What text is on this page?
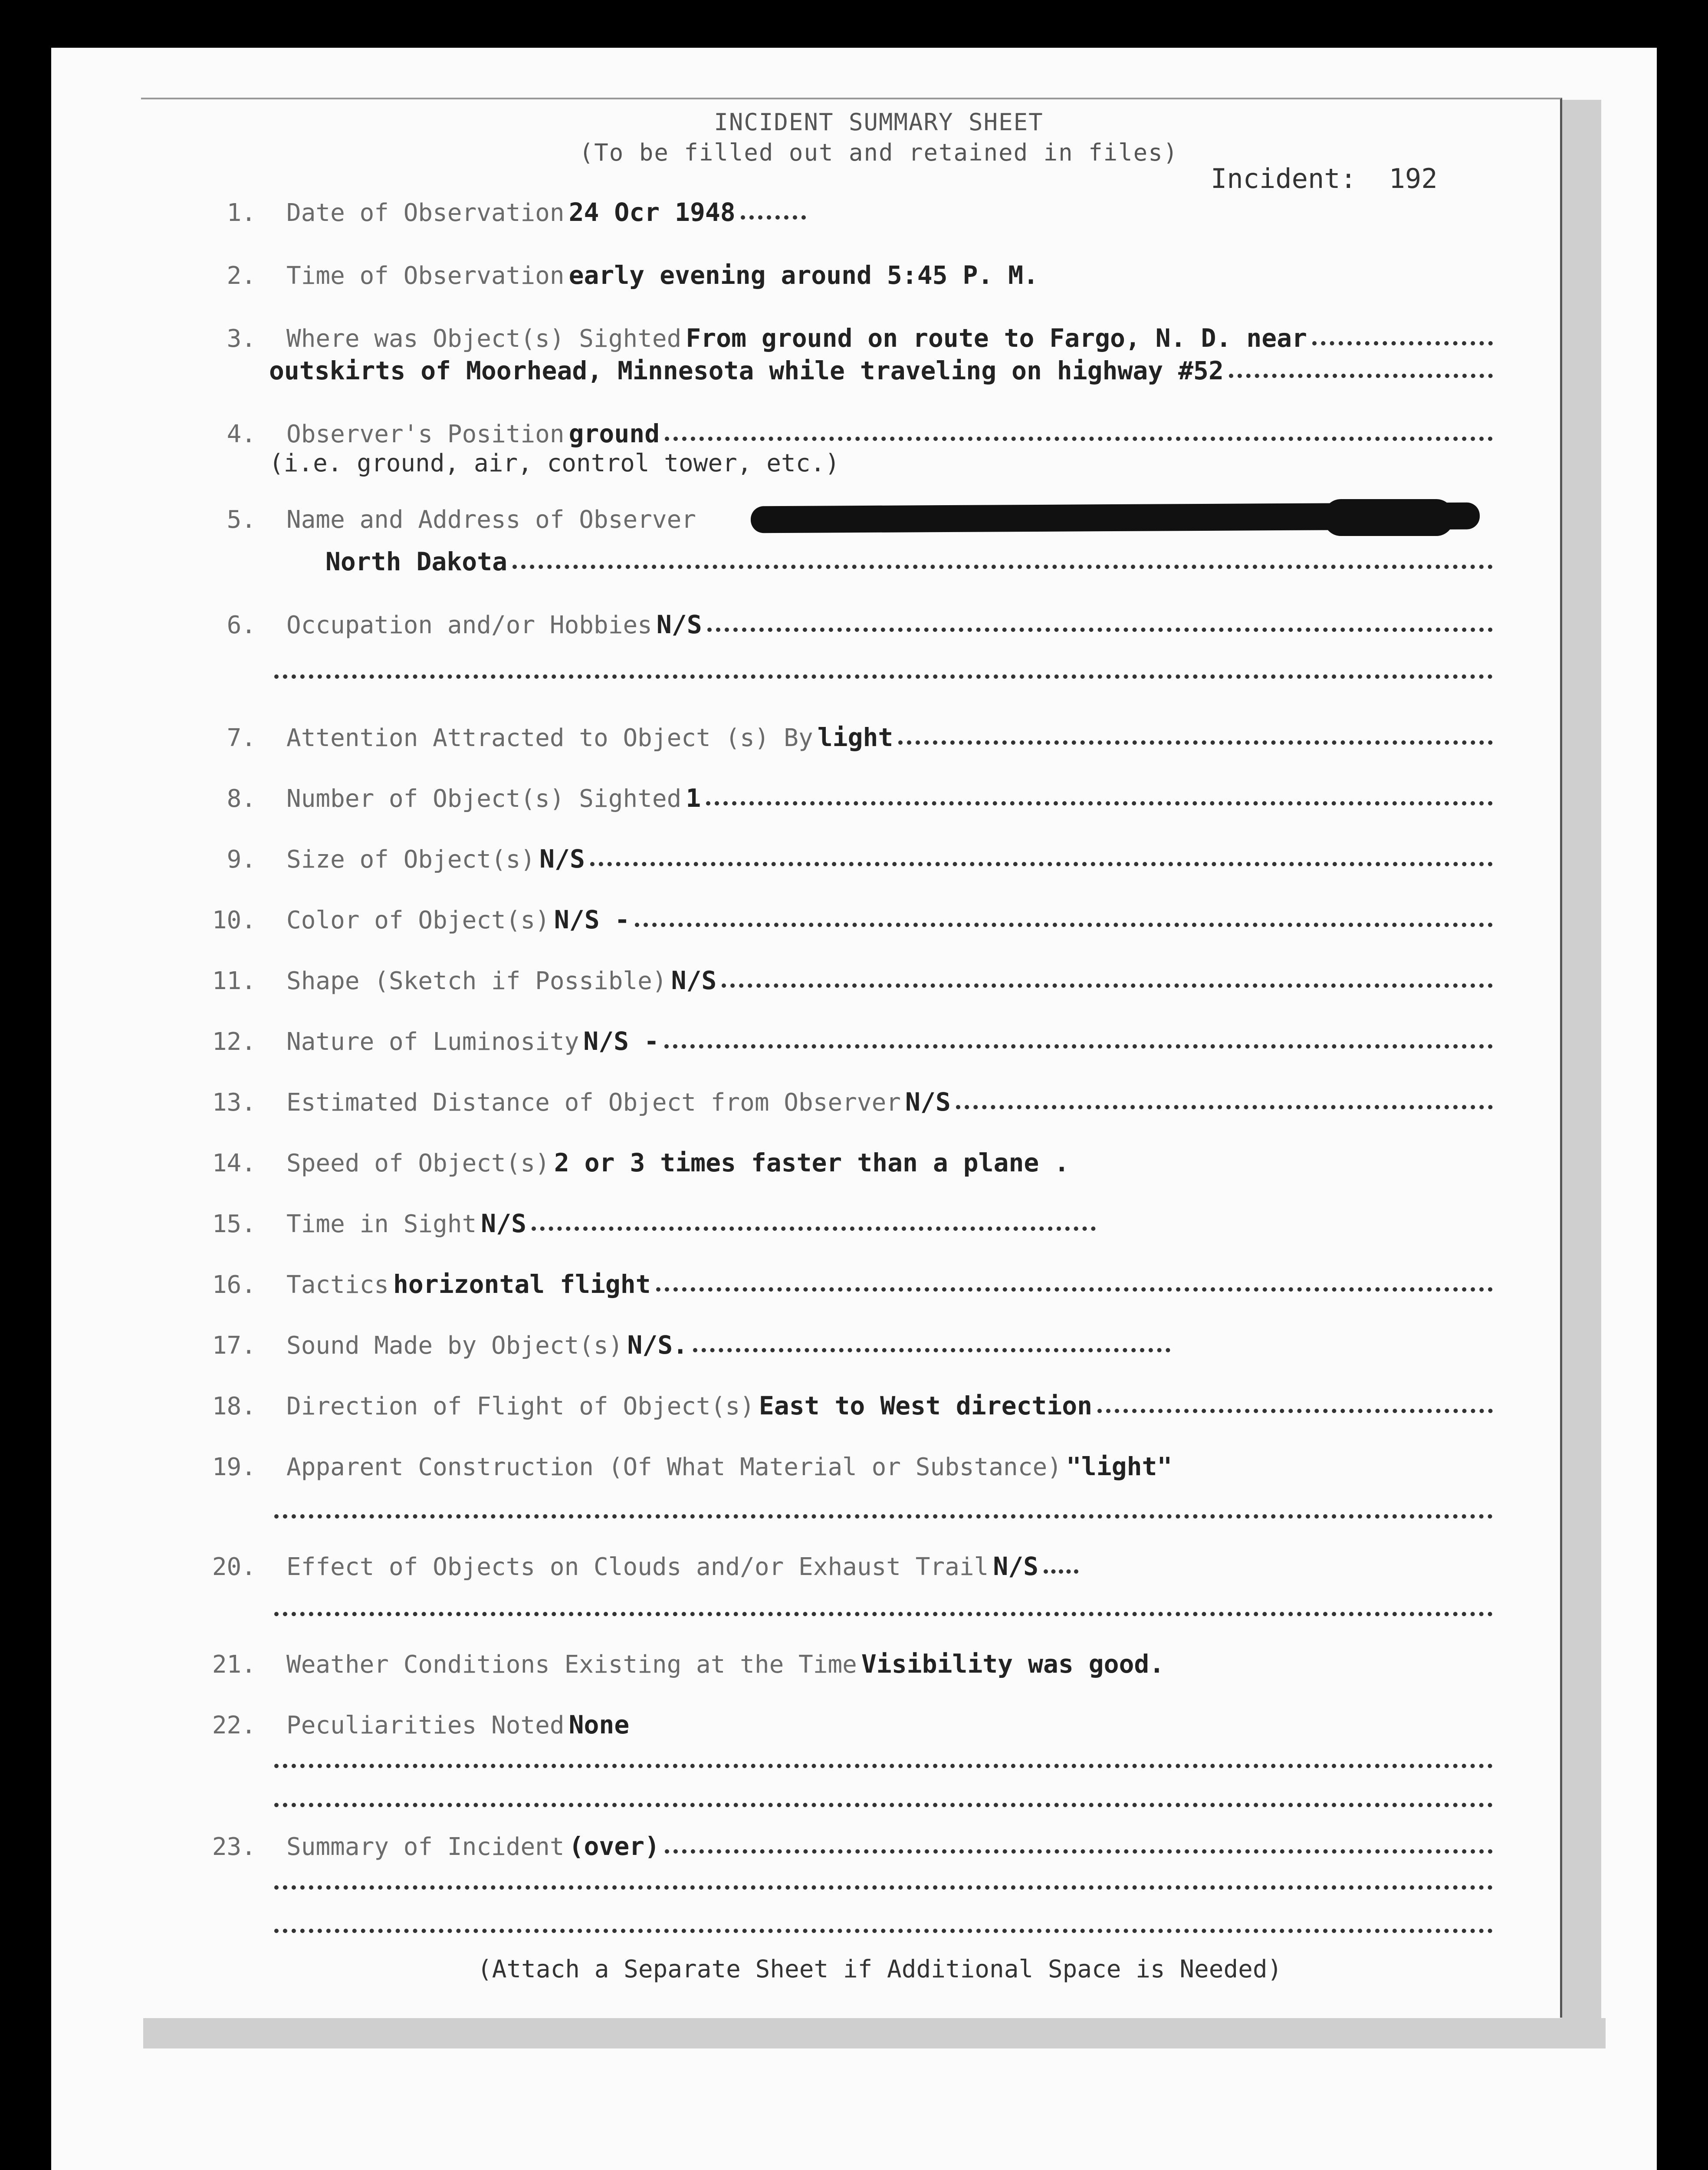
INCIDENT SUMMARY SHEET
(To be filled out and retained in files)
Incident: 192
1. Date of Observation 24 Ocr 1948
2. Time of Observation early evening around 5:45 P. M.
3. Where was Object(s) Sighted From ground on route to Fargo, N. D. near
outskirts of Moorhead, Minnesota while traveling on highway #52
4. Observer's Position ground
(i.e. ground, air, control tower, etc.)
5. Name and Address of Observer
North Dakota
6. Occupation and/or Hobbies N/S
7. Attention Attracted to Object (s) By light
8. Number of Object(s) Sighted 1
9. Size of Object(s) N/S
10. Color of Object(s) N/S -
11. Shape (Sketch if Possible) N/S
12. Nature of Luminosity N/S -
13. Estimated Distance of Object from Observer N/S
14. Speed of Object(s) 2 or 3 times faster than a plane .
15. Time in Sight N/S
16. Tactics horizontal flight
17. Sound Made by Object(s) N/S.
18. Direction of Flight of Object(s) East to West direction
19. Apparent Construction (Of What Material or Substance) "light"
20. Effect of Objects on Clouds and/or Exhaust Trail N/S
21. Weather Conditions Existing at the Time Visibility was good.
22. Peculiarities Noted None
23. Summary of Incident (over)
(Attach a Separate Sheet if Additional Space is Needed)
